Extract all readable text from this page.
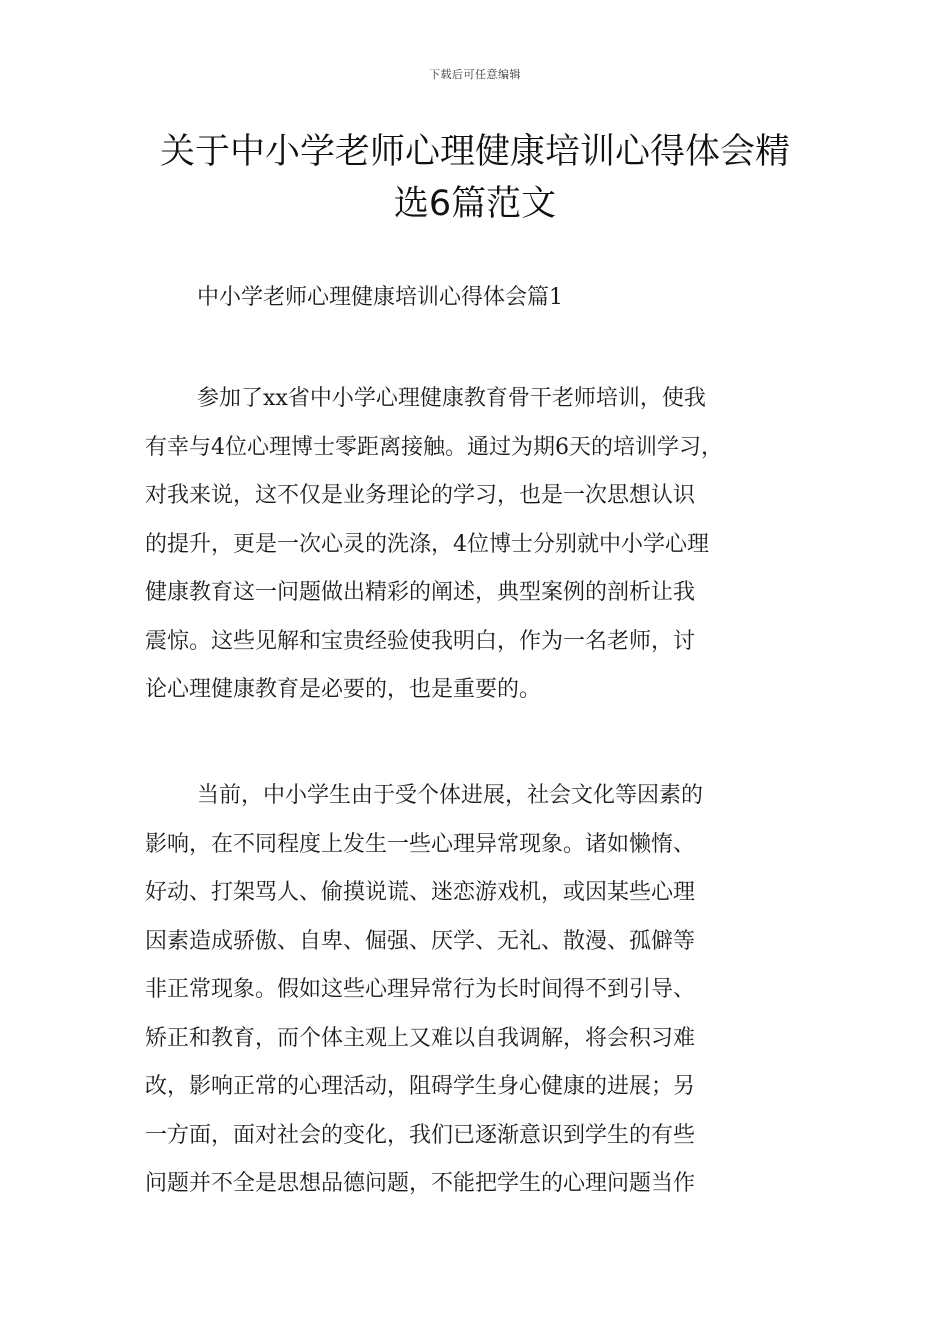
下载后可任意编辑
关于中小学老师心理健康培训心得体会精
选6篇范文
中小学老师心理健康培训心得体会篇1
参加了xx省中小学心理健康教育骨干老师培训，使我
有幸与4位心理博士零距离接触。通过为期6天的培训学习，
对我来说，这不仅是业务理论的学习，也是一次思想认识
的提升，更是一次心灵的洗涤，4位博士分别就中小学心理
健康教育这一问题做出精彩的阐述，典型案例的剖析让我
震惊。这些见解和宝贵经验使我明白，作为一名老师，讨
论心理健康教育是必要的，也是重要的。
当前，中小学生由于受个体进展，社会文化等因素的
影响，在不同程度上发生一些心理异常现象。诸如懒惰、
好动、打架骂人、偷摸说谎、迷恋游戏机，或因某些心理
因素造成骄傲、自卑、倔强、厌学、无礼、散漫、孤僻等
非正常现象。假如这些心理异常行为长时间得不到引导、
矫正和教育，而个体主观上又难以自我调解，将会积习难
改，影响正常的心理活动，阻碍学生身心健康的进展；另
一方面，面对社会的变化，我们已逐渐意识到学生的有些
问题并不全是思想品德问题，不能把学生的心理问题当作
